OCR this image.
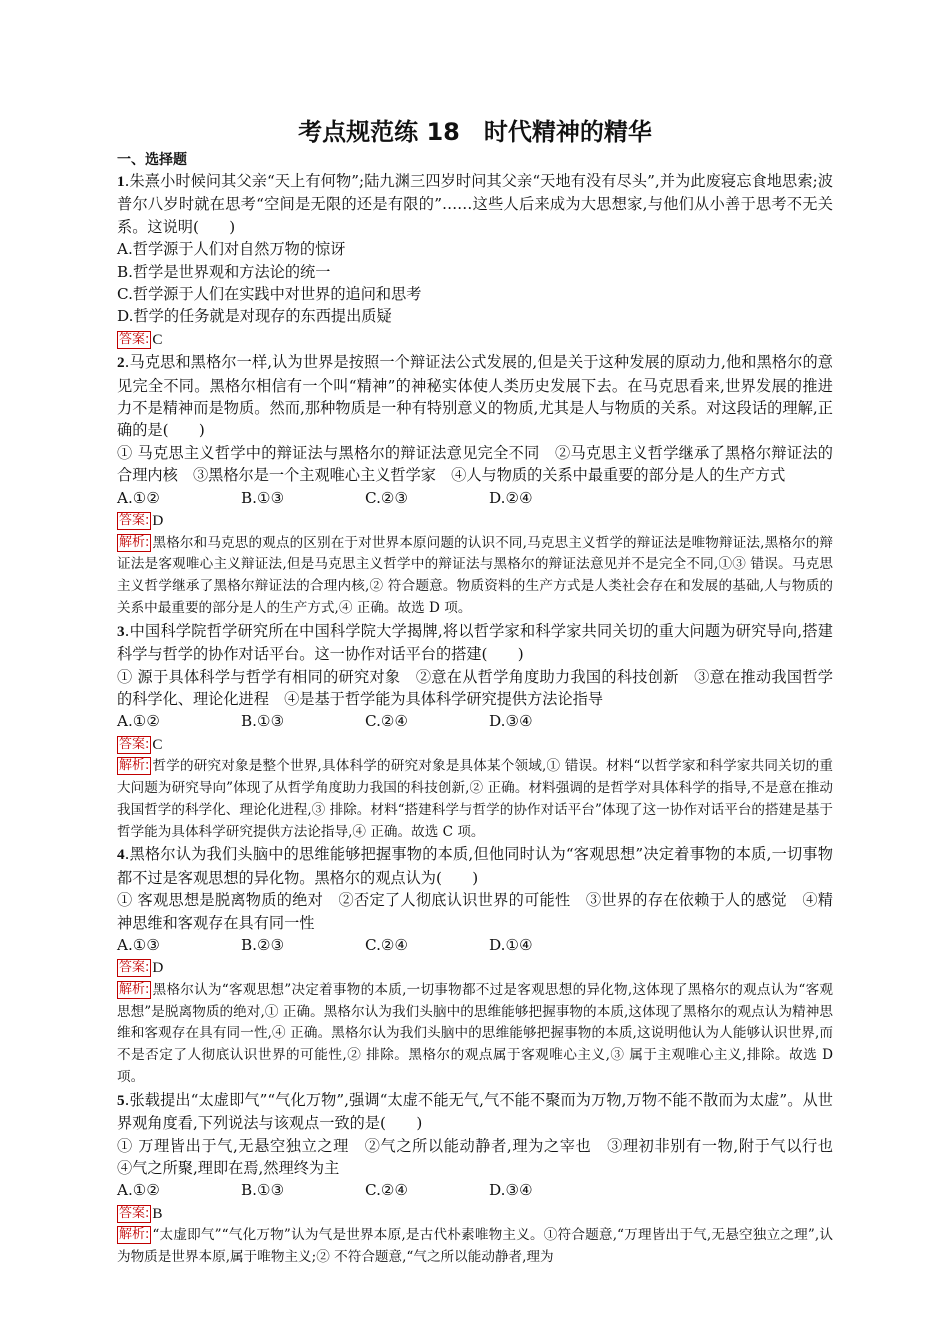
考点规范练 18　时代精神的精华
一、选择题

1.朱熹小时候问其父亲“天上有何物”;陆九渊三四岁时问其父亲“天地有没有尽头”,并为此废寝忘食地思索;波普尔八岁时就在思考“空间是无限的还是有限的”……这些人后来成为大思想家,与他们从小善于思考不无关系。这说明(　　)

A.哲学源于人们对自然万物的惊讶

B.哲学是世界观和方法论的统一

C.哲学源于人们在实践中对世界的追问和思考

D.哲学的任务就是对现存的东西提出质疑

答案: C

2.马克思和黑格尔一样,认为世界是按照一个辩证法公式发展的,但是关于这种发展的原动力,他和黑格尔的意见完全不同。黑格尔相信有一个叫“精神”的神秘实体使人类历史发展下去。在马克思看来,世界发展的推进力不是精神而是物质。然而,那种物质是一种有特别意义的物质,尤其是人与物质的关系。对这段话的理解,正确的是(　　)

① 马克思主义哲学中的辩证法与黑格尔的辩证法意见完全不同　②马克思主义哲学继承了黑格尔辩证法的合理内核　③黑格尔是一个主观唯心主义哲学家　④人与物质的关系中最重要的部分是人的生产方式

A.①②	B.①③	C.②③	D.②④

答案: D

解析: 黑格尔和马克思的观点的区别在于对世界本原问题的认识不同,马克思主义哲学的辩证法是唯物辩证法,黑格尔的辩证法是客观唯心主义辩证法,但是马克思主义哲学中的辩证法与黑格尔的辩证法意见并不是完全不同,①③ 错误。马克思主义哲学继承了黑格尔辩证法的合理内核,② 符合题意。物质资料的生产方式是人类社会存在和发展的基础,人与物质的关系中最重要的部分是人的生产方式,④ 正确。故选 D 项。

3.中国科学院哲学研究所在中国科学院大学揭牌,将以哲学家和科学家共同关切的重大问题为研究导向,搭建科学与哲学的协作对话平台。这一协作对话平台的搭建(　　)

① 源于具体科学与哲学有相同的研究对象　②意在从哲学角度助力我国的科技创新　③意在推动我国哲学的科学化、理论化进程　④是基于哲学能为具体科学研究提供方法论指导

A.①②	B.①③	C.②④	D.③④

答案: C

解析: 哲学的研究对象是整个世界,具体科学的研究对象是具体某个领域,① 错误。材料“以哲学家和科学家共同关切的重大问题为研究导向”体现了从哲学角度助力我国的科技创新,② 正确。材料强调的是哲学对具体科学的指导,不是意在推动我国哲学的科学化、理论化进程,③ 排除。材料“搭建科学与哲学的协作对话平台”体现了这一协作对话平台的搭建是基于哲学能为具体科学研究提供方法论指导,④ 正确。故选 C 项。

4.黑格尔认为我们头脑中的思维能够把握事物的本质,但他同时认为“客观思想”决定着事物的本质,一切事物都不过是客观思想的异化物。黑格尔的观点认为(　　)

① 客观思想是脱离物质的绝对　②否定了人彻底认识世界的可能性　③世界的存在依赖于人的感觉　④精神思维和客观存在具有同一性

A.①③	B.②③	C.②④	D.①④

答案: D

解析: 黑格尔认为“客观思想”决定着事物的本质,一切事物都不过是客观思想的异化物,这体现了黑格尔的观点认为“客观思想”是脱离物质的绝对,① 正确。黑格尔认为我们头脑中的思维能够把握事物的本质,这体现了黑格尔的观点认为精神思维和客观存在具有同一性,④ 正确。黑格尔认为我们头脑中的思维能够把握事物的本质,这说明他认为人能够认识世界,而不是否定了人彻底认识世界的可能性,② 排除。黑格尔的观点属于客观唯心主义,③ 属于主观唯心主义,排除。故选 D 项。

5.张载提出“太虚即气”“气化万物”,强调“太虚不能无气,气不能不聚而为万物,万物不能不散而为太虚”。从世界观角度看,下列说法与该观点一致的是(　　)

① 万理皆出于气,无悬空独立之理　②气之所以能动静者,理为之宰也　③理初非别有一物,附于气以行也　④气之所聚,理即在焉,然理终为主

A.①②	B.①③	C.②④	D.③④

答案: B

解析: “太虚即气”“气化万物”认为气是世界本原,是古代朴素唯物主义。①符合题意,“万理皆出于气,无悬空独立之理”,认为物质是世界本原,属于唯物主义;② 不符合题意,“气之所以能动静者,理为
